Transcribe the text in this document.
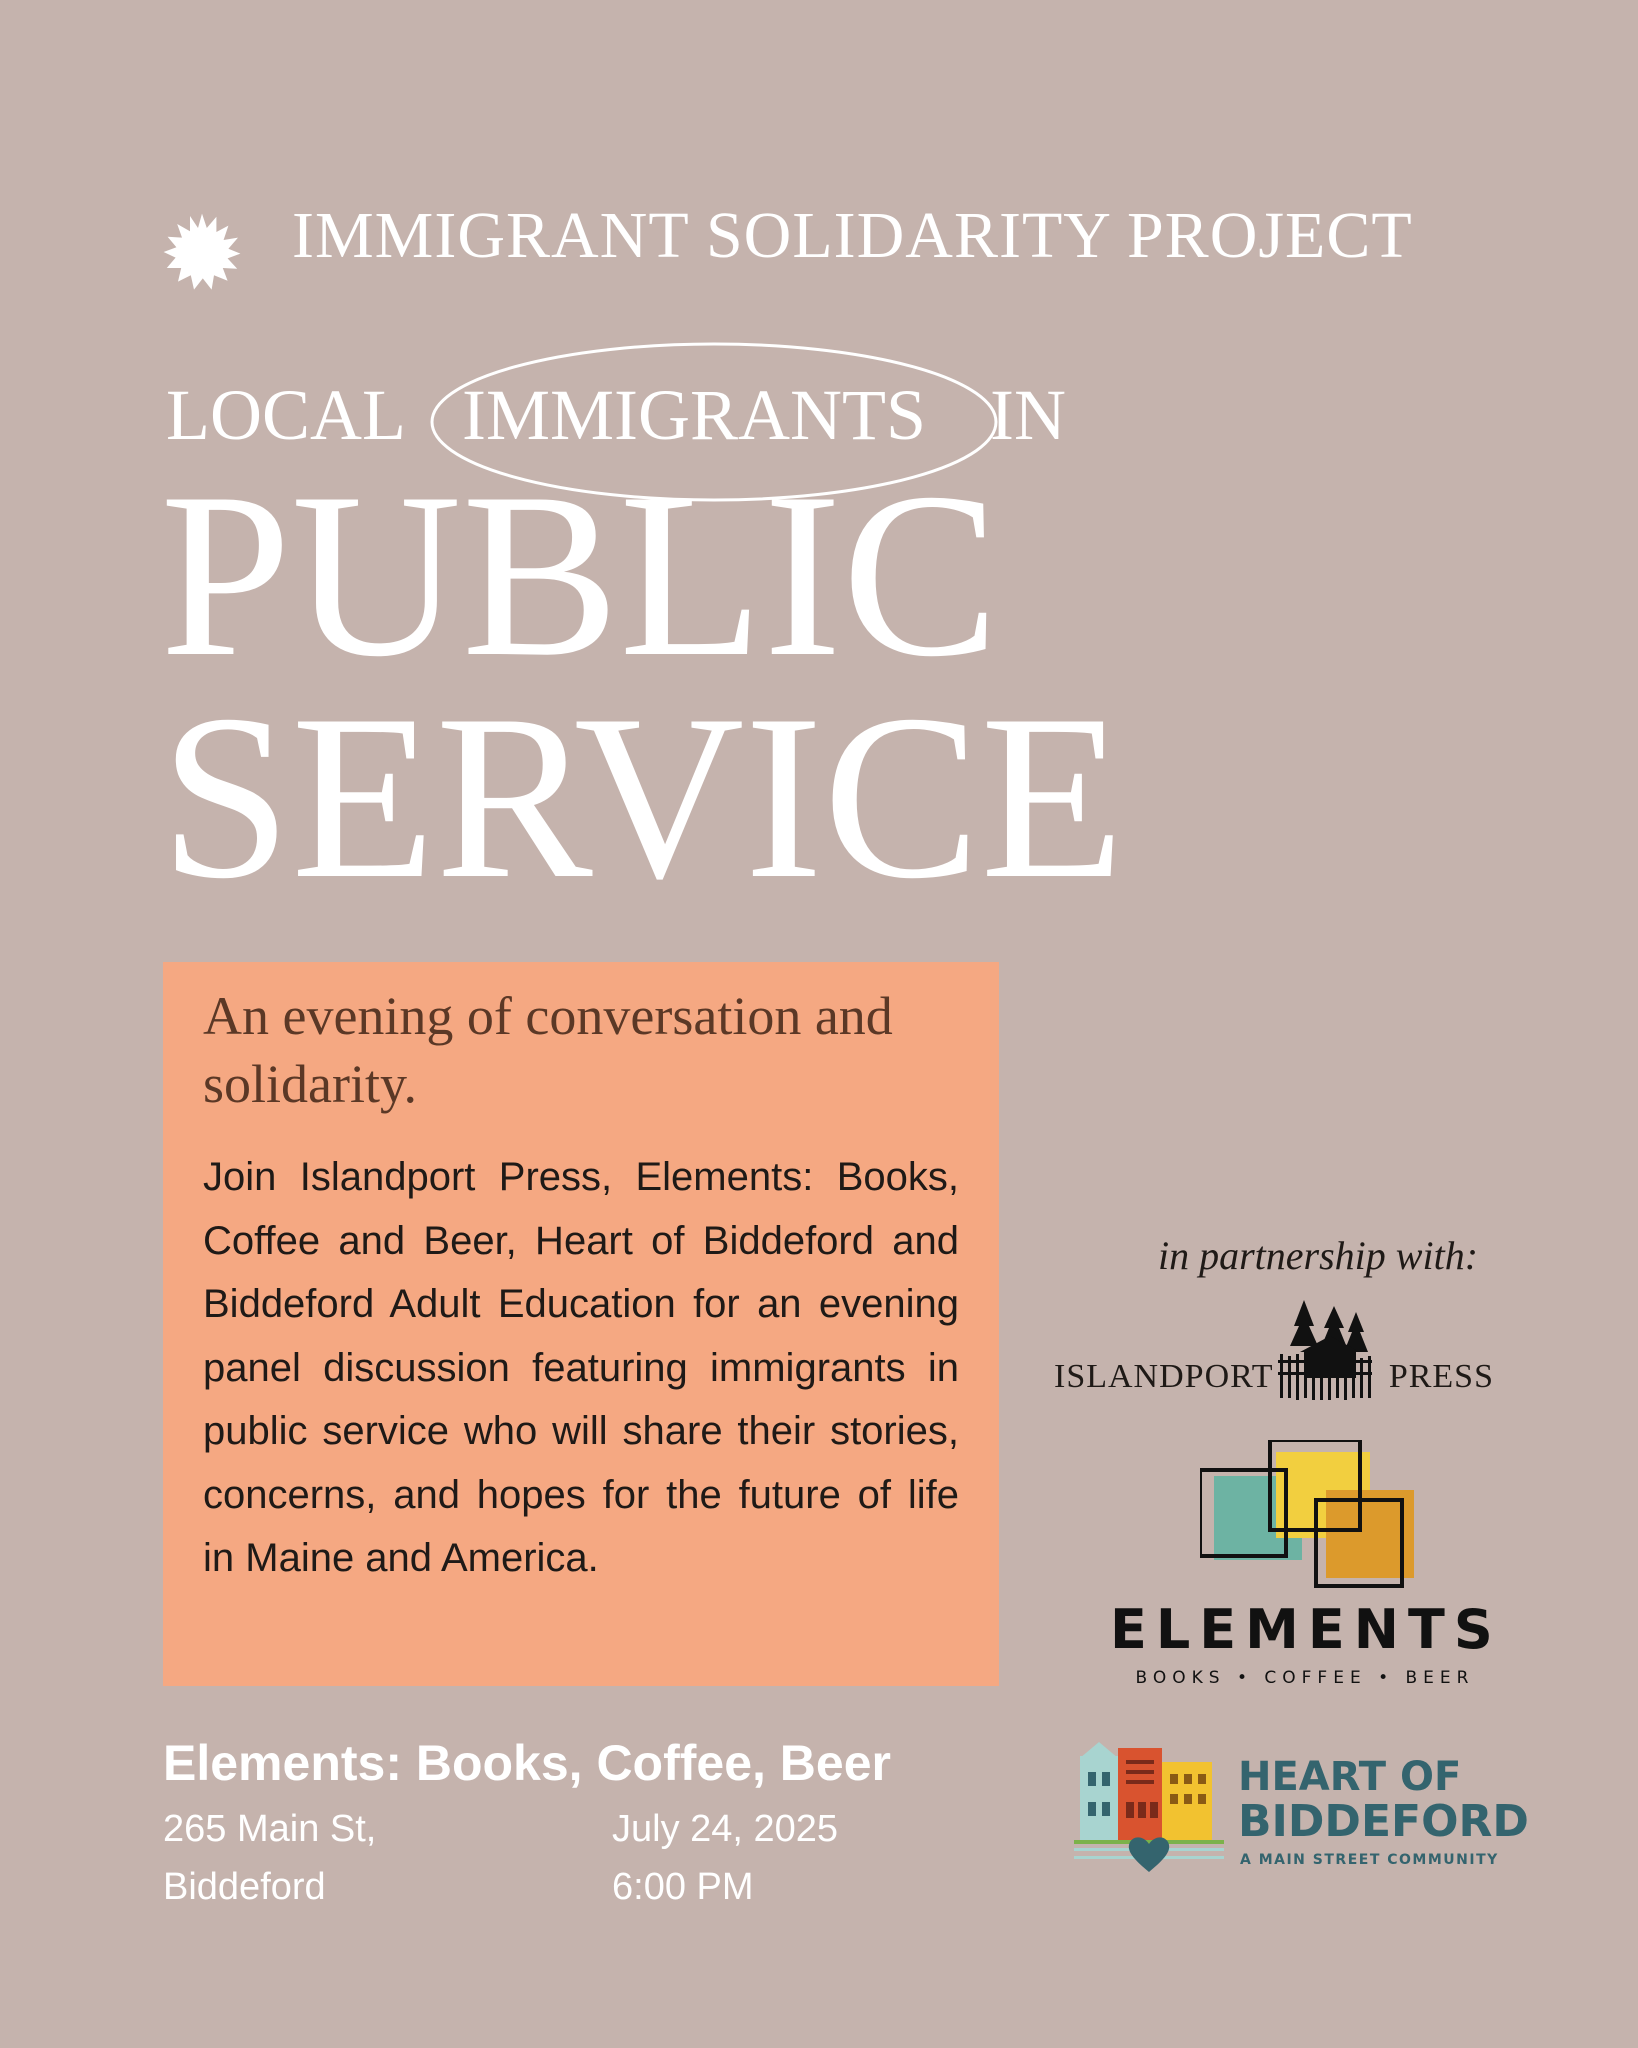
IMMIGRANT SOLIDARITY PROJECT
LOCAL IMMIGRANTS IN
PUBLIC
SERVICE

An evening of conversation and solidarity.

Join Islandport Press, Elements: Books, Coffee and Beer, Heart of Biddeford and Biddeford Adult Education for an evening panel discussion featuring immigrants in public service who will share their stories, concerns, and hopes for the future of life in Maine and America.

Elements: Books, Coffee, Beer
265 Main St,
Biddeford
July 24, 2025
6:00 PM
in partnership with:
ISLANDPORT	PRESS
ELEMENTS
BOOKS • COFFEE • BEER
HEART OF
BIDDEFORD
A MAIN STREET COMMUNITY
